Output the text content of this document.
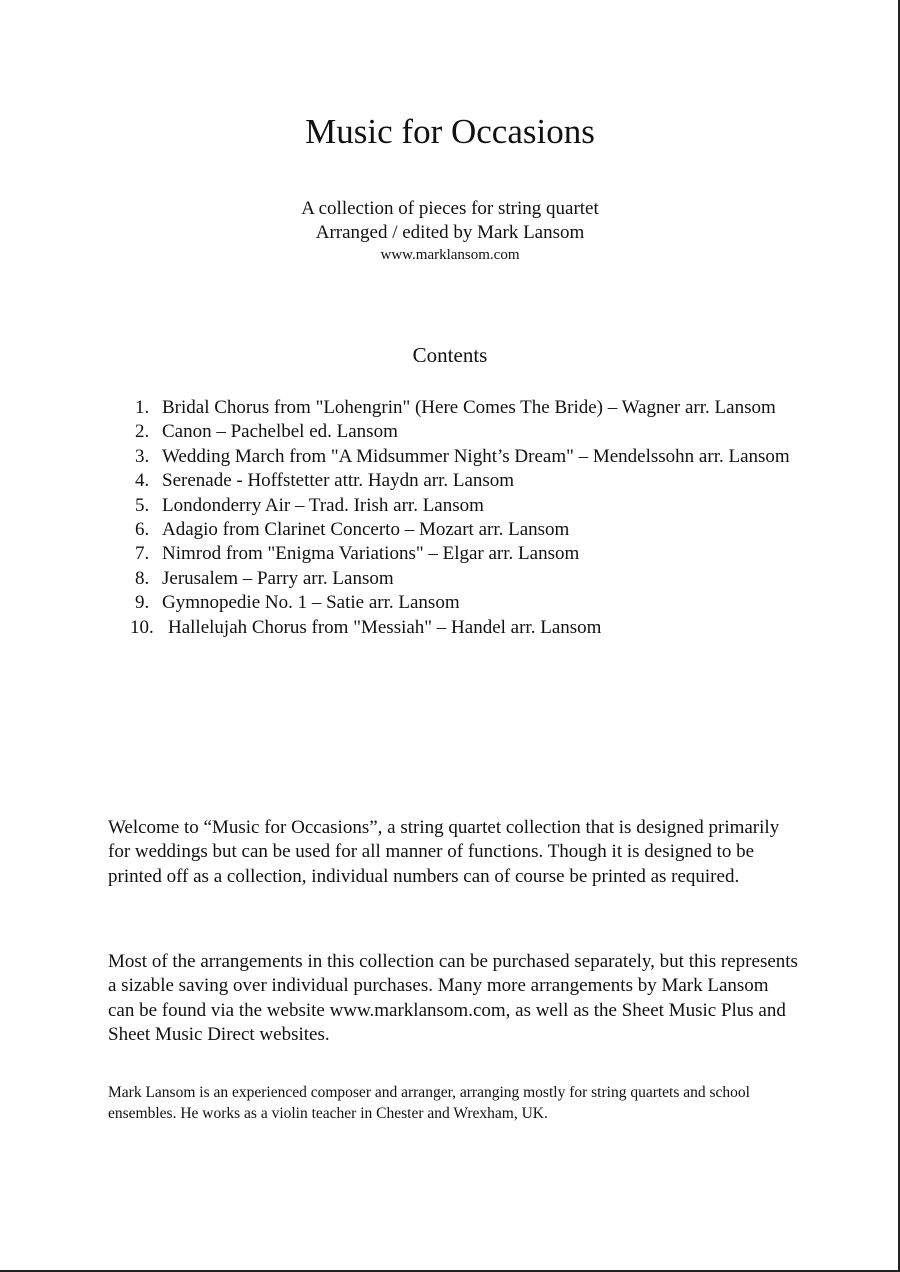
Music for Occasions
A collection of pieces for string quartet
Arranged / edited by Mark Lansom
www.marklansom.com
Contents
1. Bridal Chorus from "Lohengrin" (Here Comes The Bride) – Wagner arr. Lansom
2. Canon – Pachelbel ed. Lansom
3. Wedding March from "A Midsummer Night’s Dream" – Mendelssohn arr. Lansom
4. Serenade - Hoffstetter attr. Haydn arr. Lansom
5. Londonderry Air – Trad. Irish arr. Lansom
6. Adagio from Clarinet Concerto – Mozart arr. Lansom
7. Nimrod from "Enigma Variations" – Elgar arr. Lansom
8. Jerusalem – Parry arr. Lansom
9. Gymnopedie No. 1 – Satie arr. Lansom
10. Hallelujah Chorus from "Messiah" – Handel arr. Lansom

Welcome to “Music for Occasions”, a string quartet collection that is designed primarily for weddings but can be used for all manner of functions. Though it is designed to be printed off as a collection, individual numbers can of course be printed as required.

Most of the arrangements in this collection can be purchased separately, but this represents a sizable saving over individual purchases. Many more arrangements by Mark Lansom can be found via the website www.marklansom.com, as well as the Sheet Music Plus and Sheet Music Direct websites.

Mark Lansom is an experienced composer and arranger, arranging mostly for string quartets and school ensembles. He works as a violin teacher in Chester and Wrexham, UK.
